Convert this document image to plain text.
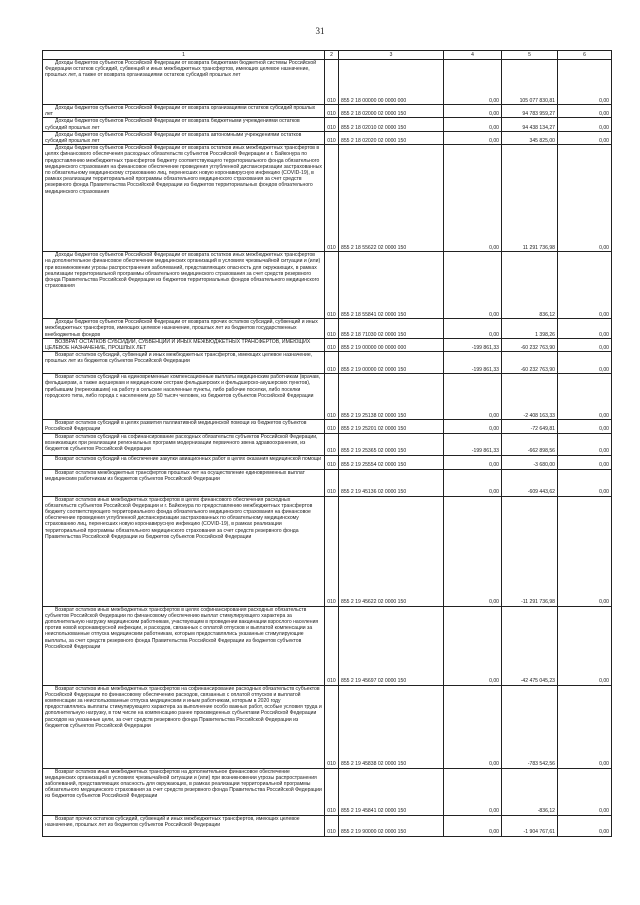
31
1	2	3	4	5	6
Доходы бюджетов субъектов Российской Федерации от возврата бюджетами бюджетной системы Российской Федерации остатков субсидий, субвенций и иных межбюджетных трансфертов, имеющих целевое назначение, прошлых лет, а также от возврата организациями остатков субсидий прошлых лет	010	855 2 18 00000 00 0000 000	0,00	105 077 830,81	0,00
Доходы бюджетов субъектов Российской Федерации от возврата организациями остатков субсидий прошлых лет	010	855 2 18 02000 02 0000 150	0,00	94 783 959,27	0,00
Доходы бюджетов субъектов Российской Федерации от возврата бюджетными учреждениями остатков субсидий прошлых лет	010	855 2 18 02010 02 0000 150	0,00	94 438 134,27	0,00
Доходы бюджетов субъектов Российской Федерации от возврата автономными учреждениями остатков субсидий прошлых лет	010	855 2 18 02020 02 0000 150	0,00	345 825,00	0,00
Доходы бюджетов субъектов Российской Федерации от возврата остатков иных межбюджетных трансфертов в целях финансового обеспечения расходных обязательств субъектов Российской Федерации и г. Байконура по предоставлению межбюджетных трансфертов бюджету соответствующего территориального фонда обязательного медицинского страхования на финансовое обеспечение проведения углубленной диспансеризации застрахованных по обязательному медицинскому страхованию лиц, перенесших новую коронавирусную инфекцию (COVID-19), в рамках реализации территориальной программы обязательного медицинского страхования за счет средств резервного фонда Правительства Российской Федерации из бюджетов территориальных фондов обязательного медицинского страхования	010	855 2 18 55622 02 0000 150	0,00	11 291 736,98	0,00
Доходы бюджетов субъектов Российской Федерации от возврата остатков иных межбюджетных трансфертов на дополнительное финансовое обеспечение медицинских организаций в условиях чрезвычайной ситуации и (или) при возникновении угрозы распространения заболеваний, представляющих опасность для окружающих, в рамках реализации территориальной программы обязательного медицинского страхования за счет средств резервного фонда Правительства Российской Федерации из бюджетов территориальных фондов обязательного медицинского страхования	010	855 2 18 55841 02 0000 150	0,00	836,12	0,00
Доходы бюджетов субъектов Российской Федерации от возврата прочих остатков субсидий, субвенций и иных межбюджетных трансфертов, имеющих целевое назначение, прошлых лет из бюджетов государственных внебюджетных фондов	010	855 2 18 71030 02 0000 150	0,00	1 398,26	0,00
ВОЗВРАТ ОСТАТКОВ СУБСИДИЙ, СУБВЕНЦИЙ И ИНЫХ МЕЖБЮДЖЕТНЫХ ТРАНСФЕРТОВ, ИМЕЮЩИХ ЦЕЛЕВОЕ НАЗНАЧЕНИЕ, ПРОШЛЫХ ЛЕТ	010	855 2 19 00000 00 0000 000	-199 861,33	-60 232 763,90	0,00
Возврат остатков субсидий, субвенций и иных межбюджетных трансфертов, имеющих целевое назначение, прошлых лет из бюджетов субъектов Российской Федерации	010	855 2 19 00000 02 0000 150	-199 861,33	-60 232 763,90	0,00
Возврат остатков субсидий на единовременные компенсационные выплаты медицинским работникам (врачам, фельдшерам, а также акушеркам и медицинским сестрам фельдшерских и фельдшерско-акушерских пунктов), прибывшим (переехавшим) на работу в сельские населенные пункты, либо рабочие поселки, либо поселки городского типа, либо города с населением до 50 тысяч человек, из бюджетов субъектов Российской Федерации	010	855 2 19 25138 02 0000 150	0,00	-2 408 163,33	0,00
Возврат остатков субсидий в целях развития паллиативной медицинской помощи из бюджетов субъектов Российской Федерации	010	855 2 19 25201 02 0000 150	0,00	-72 649,81	0,00
Возврат остатков субсидий на софинансирование расходных обязательств субъектов Российской Федерации, возникающих при реализации региональных программ модернизации первичного звена здравоохранения, из бюджетов субъектов Российской Федерации	010	855 2 19 25365 02 0000 150	-199 861,33	-662 898,56	0,00
Возврат остатков субсидий на обеспечение закупки авиационных работ в целях оказания медицинской помощи	010	855 2 19 25554 02 0000 150	0,00	-3 680,00	0,00
Возврат остатков межбюджетных трансфертов прошлых лет на осуществление единовременных выплат медицинским работникам из бюджетов субъектов Российской Федерации	010	855 2 19 45136 02 0000 150	0,00	-609 443,62	0,00
Возврат остатков иных межбюджетных трансфертов в целях финансового обеспечения расходных обязательств субъектов Российской Федерации и г. Байконура по предоставлению межбюджетных трансфертов бюджету соответствующего территориального фонда обязательного медицинского страхования на финансовое обеспечение проведения углубленной диспансеризации застрахованных по обязательному медицинскому страхованию лиц, перенесших новую коронавирусную инфекцию (COVID-19), в рамках реализации территориальной программы обязательного медицинского страхования за счет средств резервного фонда Правительства Российской Федерации из бюджетов субъектов Российской Федерации	010	855 2 19 45622 02 0000 150	0,00	-11 291 736,98	0,00
Возврат остатков иных межбюджетных трансфертов в целях софинансирования расходных обязательств субъектов Российской Федерации по финансовому обеспечению выплат стимулирующего характера за дополнительную нагрузку медицинским работникам, участвующим в проведении вакцинации взрослого населения против новой коронавирусной инфекции, и расходов, связанных с оплатой отпусков и выплатой компенсации за неиспользованные отпуска медицинским работникам, которым предоставлялись указанные стимулирующие выплаты, за счет средств резервного фонда Правительства Российской Федерации из бюджетов субъектов Российской Федерации	010	855 2 19 45697 02 0000 150	0,00	-42 475 045,23	0,00
Возврат остатков иных межбюджетных трансфертов на софинансирование расходных обязательств субъектов Российской Федерации по финансовому обеспечению расходов, связанных с оплатой отпусков и выплатой компенсации за неиспользованные отпуска медицинским и иным работникам, которым в 2020 году предоставлялись выплаты стимулирующего характера за выполнение особо важных работ, особые условия труда и дополнительную нагрузку, в том числе на компенсацию ранее произведенных субъектами Российской Федерации расходов на указанные цели, за счет средств резервного фонда Правительства Российской Федерации из бюджетов субъектов Российской Федерации	010	855 2 19 45838 02 0000 150	0,00	-783 542,56	0,00
Возврат остатков иных межбюджетных трансфертов на дополнительное финансовое обеспечение медицинских организаций в условиях чрезвычайной ситуации и (или) при возникновении угрозы распространения заболеваний, представляющих опасность для окружающих, в рамках реализации территориальной программы обязательного медицинского страхования за счет средств резервного фонда Правительства Российской Федерации из бюджетов субъектов Российской Федерации	010	855 2 19 45841 02 0000 150	0,00	-836,12	0,00
Возврат прочих остатков субсидий, субвенций и иных межбюджетных трансфертов, имеющих целевое назначение, прошлых лет из бюджетов субъектов Российской Федерации	010	855 2 19 90000 02 0000 150	0,00	-1 904 767,61	0,00
